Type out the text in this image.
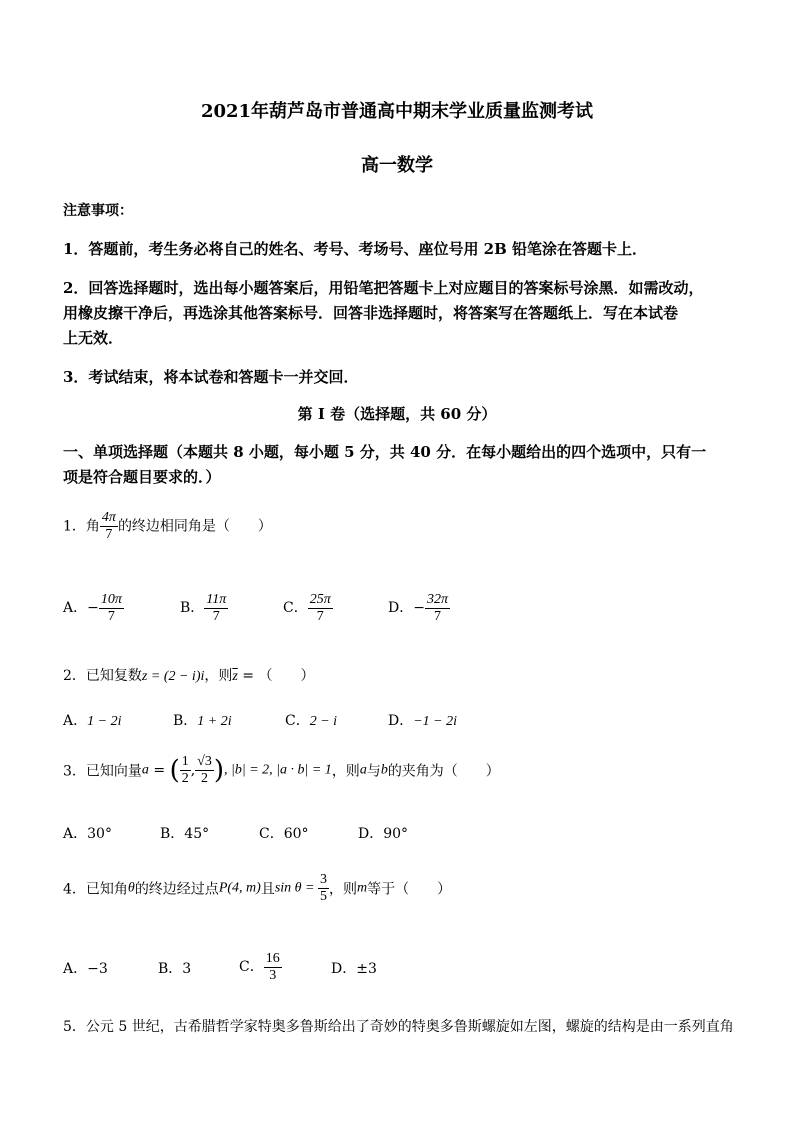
2021年葫芦岛市普通高中期末学业质量监测考试
高一数学
注意事项：
1．答题前，考生务必将自己的姓名、考号、考场号、座位号用 2B 铅笔涂在答题卡上．
2．回答选择题时，选出每小题答案后，用铅笔把答题卡上对应题目的答案标号涂黑．如需改动，
用橡皮擦干净后，再选涂其他答案标号．回答非选择题时，将答案写在答题纸上．写在本试卷
上无效．
3．考试结束，将本试卷和答题卡一并交回．
第 I 卷（选择题，共 60 分）
一、单项选择题（本题共 8 小题，每小题 5 分，共 40 分．在每小题给出的四个选项中，只有一
项是符合题目要求的．）
1．角 $\frac{4\pi}{7}$ 的终边相同角是（　　）
A．− $\frac{10\pi}{7}$	B． $\frac{11\pi}{7}$	C． $\frac{25\pi}{7}$	D．− $\frac{32\pi}{7}$
2．已知复数z = (2 − i)i，则$\overline{z}$ = （　　）
A．1 − 2i	B．1 + 2i	C．2 − i	D．−1 − 2i
3．已知向量a = ( $\frac{1}{2}$ , $\frac{√3}{2}$ ), |b| = 2, |a · b| = 1，则a与b的夹角为（　　）
A．30°	B．45°	C．60°	D．90°
4．已知角θ的终边经过点P(4, m)且$\sin \theta = \frac{3}{5}$ ，则m等于（　　）
A．−3	B．3	C． $\frac{16}{3}$	D．±3
5．公元 5 世纪，古希腊哲学家特奥多鲁斯给出了奇妙的特奥多鲁斯螺旋如左图，螺旋的结构是由一系列直角
